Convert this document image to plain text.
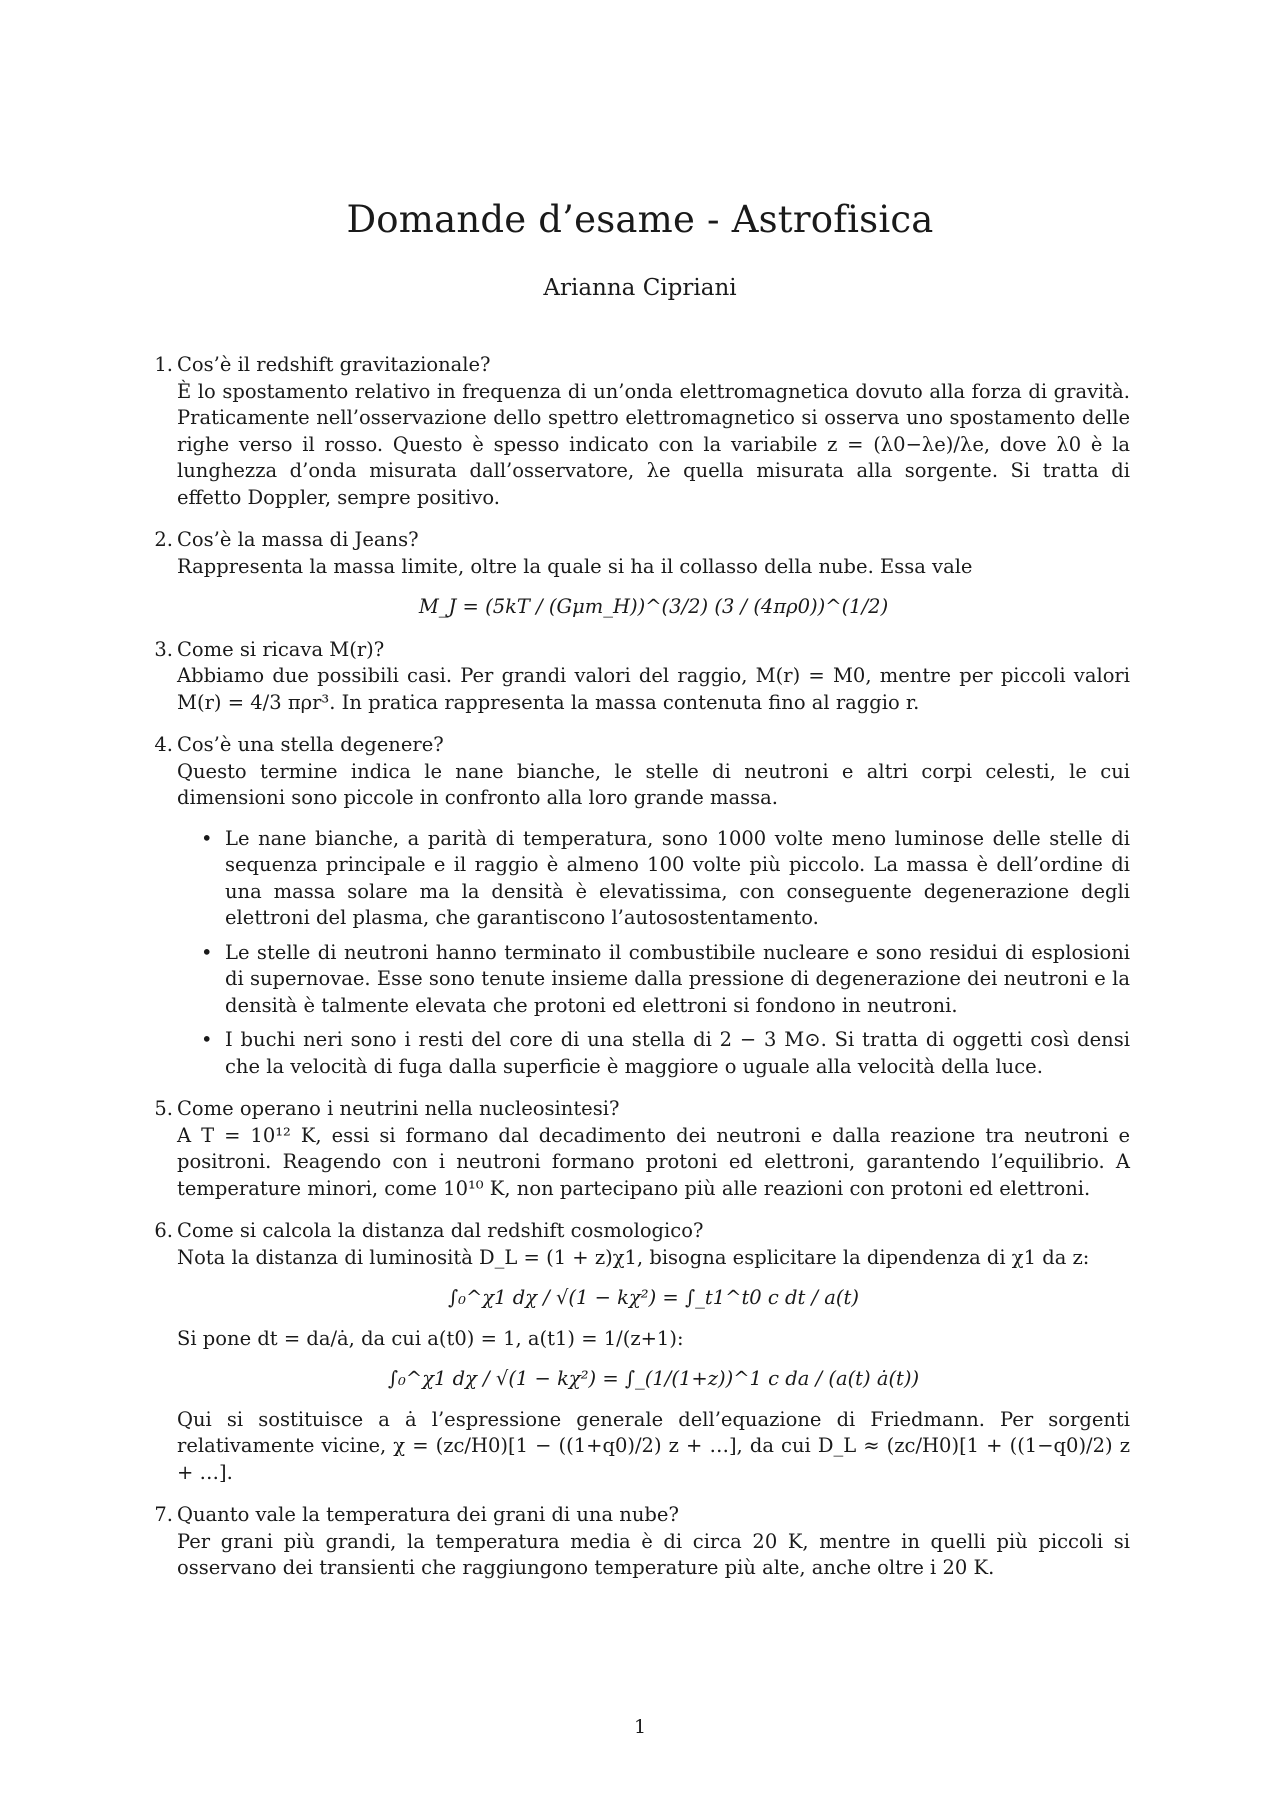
Domande d’esame - Astrofisica
Arianna Cipriani
1. Cos’è il redshift gravitazionale?
È lo spostamento relativo in frequenza di un’onda elettromagnetica dovuto alla forza di gravità. Praticamente nell’osservazione dello spettro elettromagnetico si osserva uno spostamento delle righe verso il rosso. Questo è spesso indicato con la variabile z = (λ0−λe)/λe, dove λ0 è la lunghezza d’onda misurata dall’osservatore, λe quella misurata alla sorgente. Si tratta di effetto Doppler, sempre positivo.
2. Cos’è la massa di Jeans?
Rappresenta la massa limite, oltre la quale si ha il collasso della nube. Essa vale
M_J = (5kT / (Gμm_H))^(3/2) (3 / (4πρ0))^(1/2)
3. Come si ricava M(r)?
Abbiamo due possibili casi. Per grandi valori del raggio, M(r) = M0, mentre per piccoli valori M(r) = 4/3 πρr³. In pratica rappresenta la massa contenuta fino al raggio r.
4. Cos’è una stella degenere?
Questo termine indica le nane bianche, le stelle di neutroni e altri corpi celesti, le cui dimensioni sono piccole in confronto alla loro grande massa.
• Le nane bianche, a parità di temperatura, sono 1000 volte meno luminose delle stelle di sequenza principale e il raggio è almeno 100 volte più piccolo. La massa è dell’ordine di una massa solare ma la densità è elevatissima, con conseguente degenerazione degli elettroni del plasma, che garantiscono l’autosostentamento.
• Le stelle di neutroni hanno terminato il combustibile nucleare e sono residui di esplosioni di supernovae. Esse sono tenute insieme dalla pressione di degenerazione dei neutroni e la densità è talmente elevata che protoni ed elettroni si fondono in neutroni.
• I buchi neri sono i resti del core di una stella di 2 − 3 M⊙. Si tratta di oggetti così densi che la velocità di fuga dalla superficie è maggiore o uguale alla velocità della luce.
5. Come operano i neutrini nella nucleosintesi?
A T = 10¹² K, essi si formano dal decadimento dei neutroni e dalla reazione tra neutroni e positroni. Reagendo con i neutroni formano protoni ed elettroni, garantendo l’equilibrio. A temperature minori, come 10¹⁰ K, non partecipano più alle reazioni con protoni ed elettroni.
6. Come si calcola la distanza dal redshift cosmologico?
Nota la distanza di luminosità D_L = (1 + z)χ1, bisogna esplicitare la dipendenza di χ1 da z:
∫₀^χ1 dχ / √(1 − kχ²) = ∫_t1^t0 c dt / a(t)
Si pone dt = da/ȧ, da cui a(t0) = 1, a(t1) = 1/(z+1):
∫₀^χ1 dχ / √(1 − kχ²) = ∫_(1/(1+z))^1 c da / (a(t) ȧ(t))
Qui si sostituisce a ȧ l’espressione generale dell’equazione di Friedmann. Per sorgenti relativamente vicine, χ = (zc/H0)[1 − ((1+q0)/2) z + …], da cui D_L ≈ (zc/H0)[1 + ((1−q0)/2) z + …].
7. Quanto vale la temperatura dei grani di una nube?
Per grani più grandi, la temperatura media è di circa 20 K, mentre in quelli più piccoli si osservano dei transienti che raggiungono temperature più alte, anche oltre i 20 K.
1
